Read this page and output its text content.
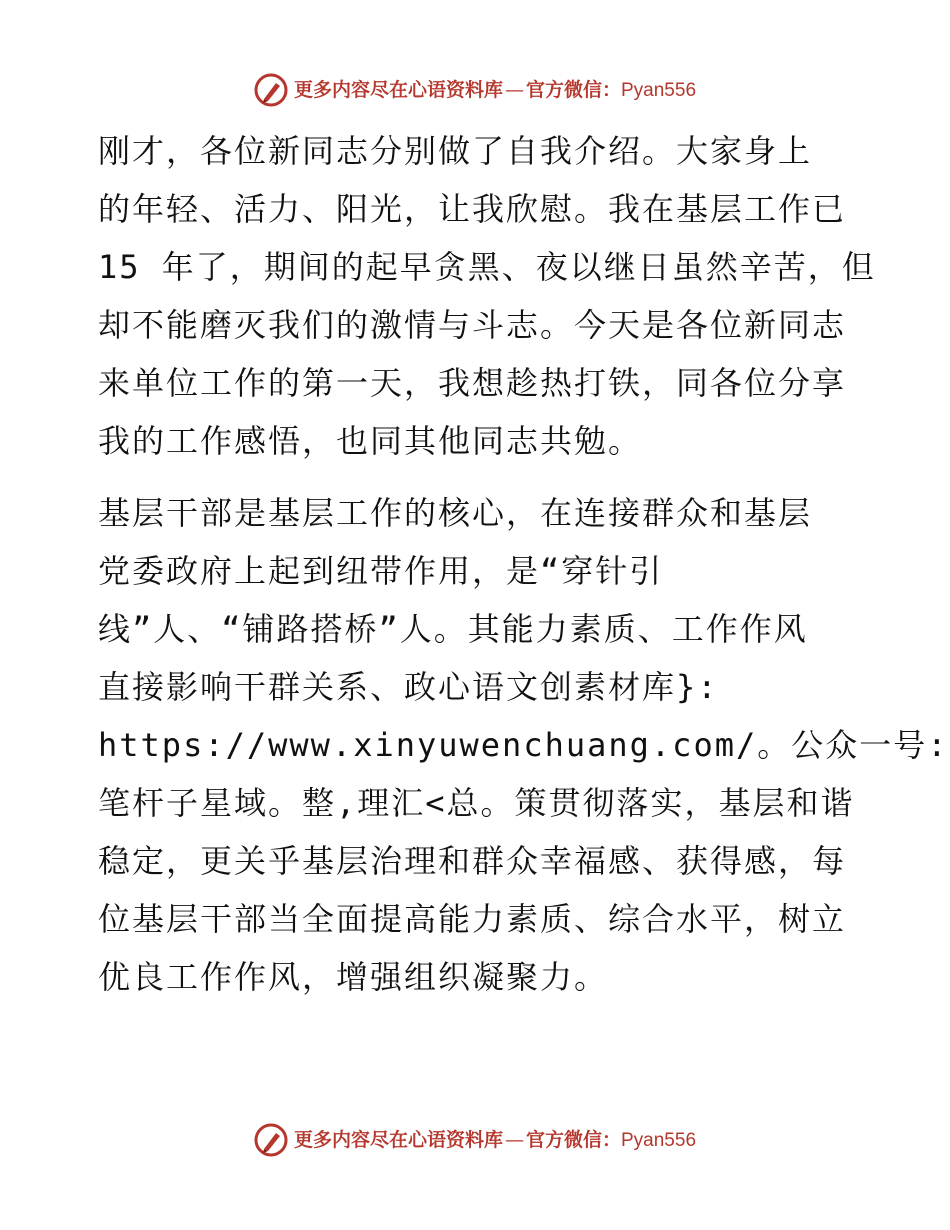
更多内容尽在心语资料库 — 官方微信： Pyan556

刚才，各位新同志分别做了自我介绍。大家身上
的年轻、活力、阳光，让我欣慰。我在基层工作已
15 年了，期间的起早贪黑、夜以继日虽然辛苦，但
却不能磨灭我们的激情与斗志。今天是各位新同志
来单位工作的第一天，我想趁热打铁，同各位分享
我的工作感悟，也同其他同志共勉。

基层干部是基层工作的核心，在连接群众和基层
党委政府上起到纽带作用，是“穿针引
线”人、“铺路搭桥”人。其能力素质、工作作风
直接影响干群关系、政心语文创素材库}:
https://www.xinyuwenchuang.com/。公众一号:
笔杆子星域。整,理汇<总。策贯彻落实，基层和谐
稳定，更关乎基层治理和群众幸福感、获得感，每
位基层干部当全面提高能力素质、综合水平，树立
优良工作作风，增强组织凝聚力。

更多内容尽在心语资料库 — 官方微信： Pyan556
